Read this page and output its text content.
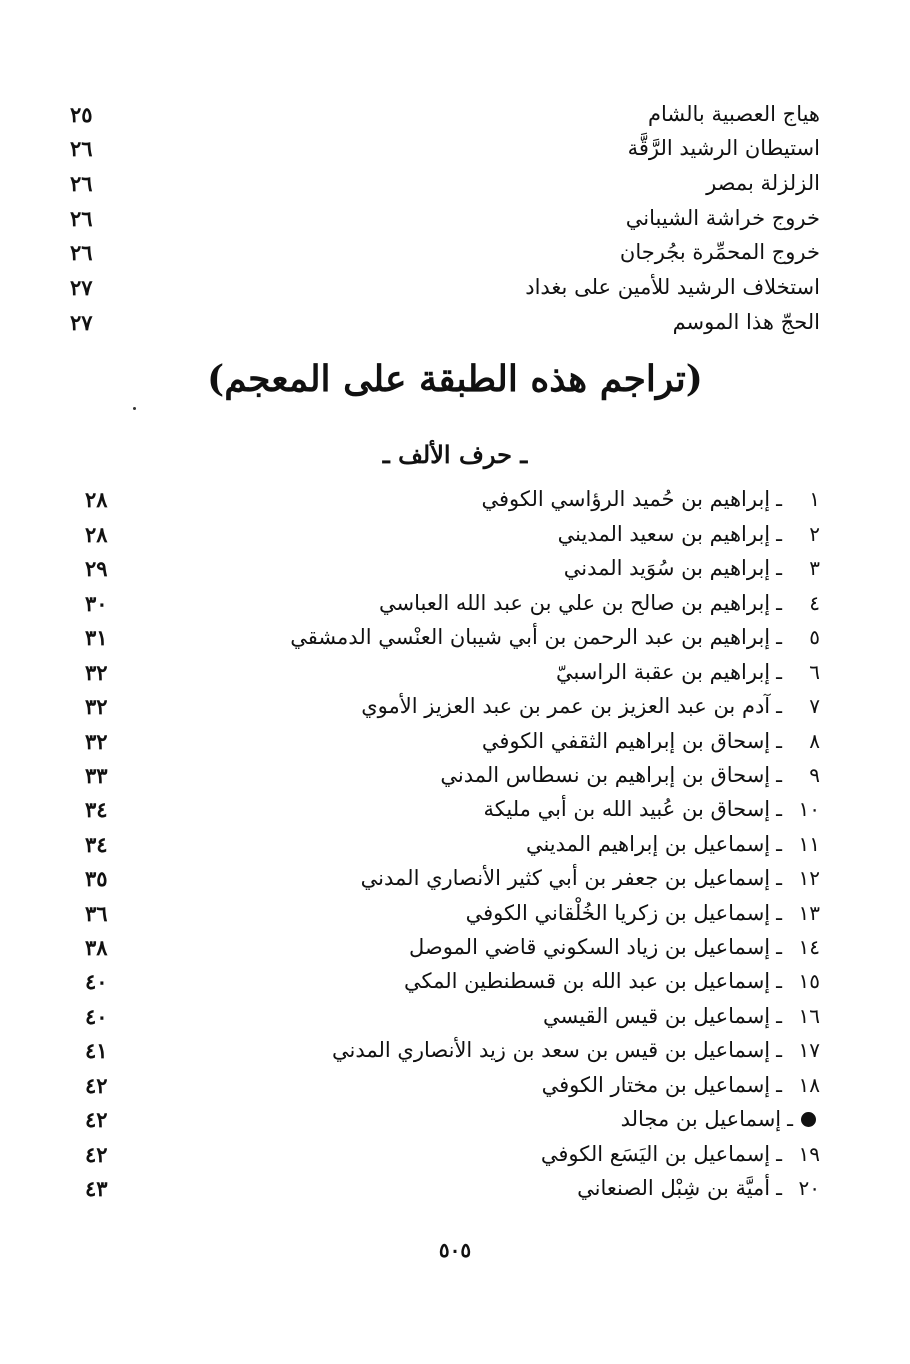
هياج العصبية بالشام
٢٥
استيطان الرشيد الرَّقَّة
٢٦
الزلزلة بمصر
٢٦
خروج خراشة الشيباني
٢٦
خروج المحمِّرة بجُرجان
٢٦
استخلاف الرشيد للأمين على بغداد
٢٧
الحجّ هذا الموسم
٢٧
(تراجم هذه الطبقة على المعجم)
ـ حرف الألف ـ
١
ـ
إبراهيم بن حُميد الرؤاسي الكوفي
٢٨
٢
ـ
إبراهيم بن سعيد المديني
٢٨
٣
ـ
إبراهيم بن سُوَيد المدني
٢٩
٤
ـ
إبراهيم بن صالح بن علي بن عبد الله العباسي
٣٠
٥
ـ
إبراهيم بن عبد الرحمن بن أبي شيبان العنْسي الدمشقي
٣١
٦
ـ
إبراهيم بن عقبة الراسبيّ
٣٢
٧
ـ
آدم بن عبد العزيز بن عمر بن عبد العزيز الأموي
٣٢
٨
ـ
إسحاق بن إبراهيم الثقفي الكوفي
٣٢
٩
ـ
إسحاق بن إبراهيم بن نسطاس المدني
٣٣
١٠
ـ
إسحاق بن عُبيد الله بن أبي مليكة
٣٤
١١
ـ
إسماعيل بن إبراهيم المديني
٣٤
١٢
ـ
إسماعيل بن جعفر بن أبي كثير الأنصاري المدني
٣٥
١٣
ـ
إسماعيل بن زكريا الخُلْقاني الكوفي
٣٦
١٤
ـ
إسماعيل بن زياد السكوني قاضي الموصل
٣٨
١٥
ـ
إسماعيل بن عبد الله بن قسطنطين المكي
٤٠
١٦
ـ
إسماعيل بن قيس القيسي
٤٠
١٧
ـ
إسماعيل بن قيس بن سعد بن زيد الأنصاري المدني
٤١
١٨
ـ
إسماعيل بن مختار الكوفي
٤٢
ـ
إسماعيل بن مجالد
٤٢
١٩
ـ
إسماعيل بن اليَسَع الكوفي
٤٢
٢٠
ـ
أميَّة بن شِبْل الصنعاني
٤٣
٥٠٥
